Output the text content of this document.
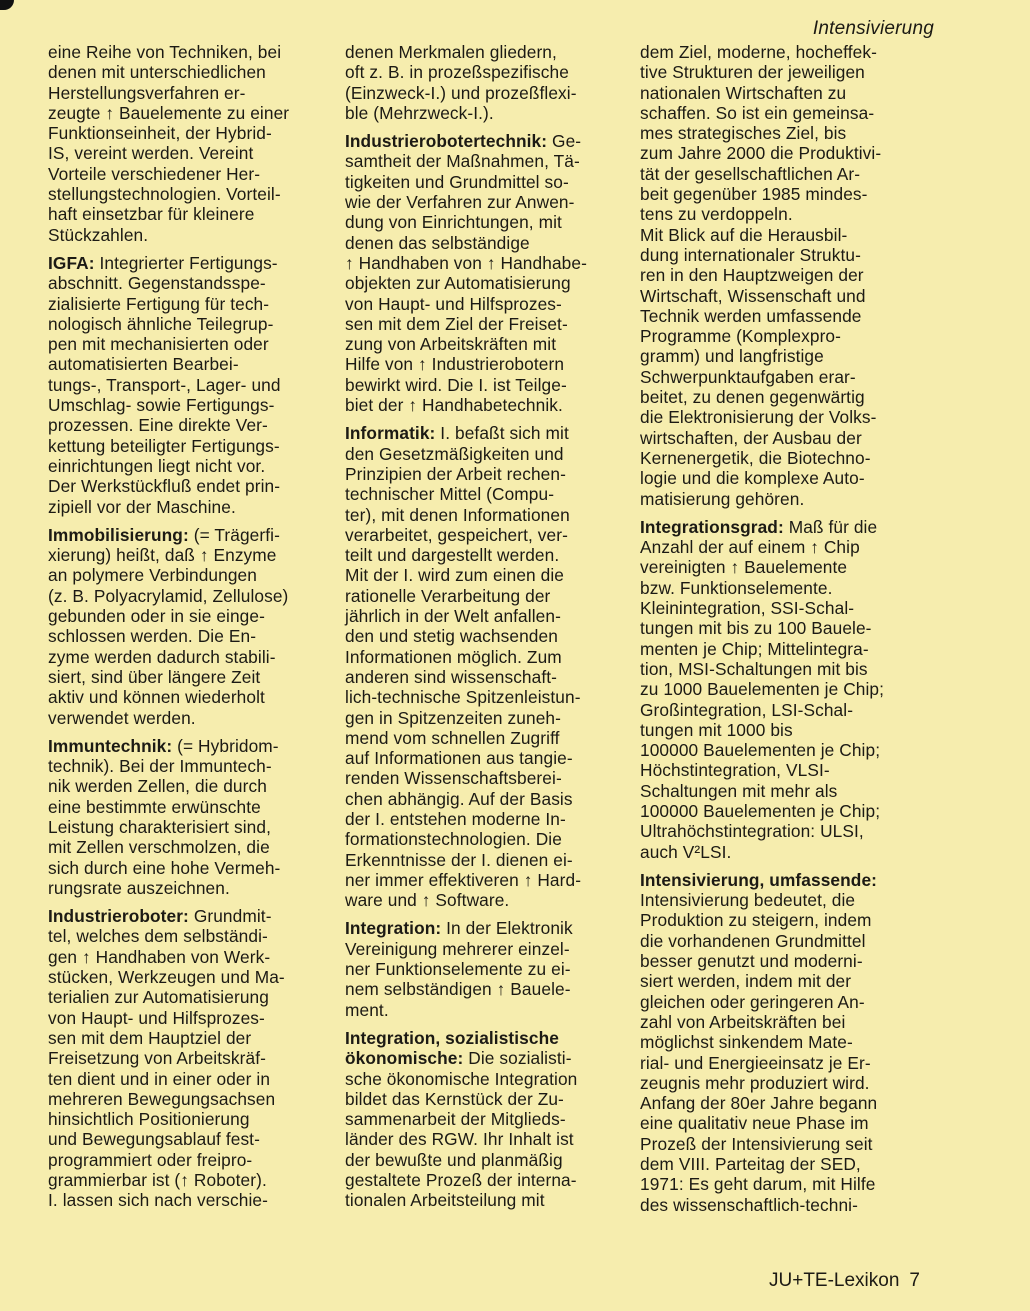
Intensivierung

eine Reihe von Techniken, bei
denen mit unterschiedlichen
Herstellungsverfahren er-
zeugte ↑ Bauelemente zu einer
Funktionseinheit, der Hybrid-
IS, vereint werden. Vereint
Vorteile verschiedener Her-
stellungstechnologien. Vorteil-
haft einsetzbar für kleinere
Stückzahlen.

IGFA: Integrierter Fertigungs-
abschnitt. Gegenstandsspe-
zialisierte Fertigung für tech-
nologisch ähnliche Teilegrup-
pen mit mechanisierten oder
automatisierten Bearbei-
tungs-, Transport-, Lager- und
Umschlag- sowie Fertigungs-
prozessen. Eine direkte Ver-
kettung beteiligter Fertigungs-
einrichtungen liegt nicht vor.
Der Werkstückfluß endet prin-
zipiell vor der Maschine.

Immobilisierung: (= Trägerfi-
xierung) heißt, daß ↑ Enzyme
an polymere Verbindungen
(z. B. Polyacrylamid, Zellulose)
gebunden oder in sie einge-
schlossen werden. Die En-
zyme werden dadurch stabili-
siert, sind über längere Zeit
aktiv und können wiederholt
verwendet werden.

Immuntechnik: (= Hybridom-
technik). Bei der Immuntech-
nik werden Zellen, die durch
eine bestimmte erwünschte
Leistung charakterisiert sind,
mit Zellen verschmolzen, die
sich durch eine hohe Vermeh-
rungsrate auszeichnen.

Industrieroboter: Grundmit-
tel, welches dem selbständi-
gen ↑ Handhaben von Werk-
stücken, Werkzeugen und Ma-
terialien zur Automatisierung
von Haupt- und Hilfsprozes-
sen mit dem Hauptziel der
Freisetzung von Arbeitskräf-
ten dient und in einer oder in
mehreren Bewegungsachsen
hinsichtlich Positionierung
und Bewegungsablauf fest-
programmiert oder freipro-
grammierbar ist (↑ Roboter).
I. lassen sich nach verschie-

denen Merkmalen gliedern,
oft z. B. in prozeßspezifische
(Einzweck-I.) und prozeßflexi-
ble (Mehrzweck-I.).

Industrierobotertechnik: Ge-
samtheit der Maßnahmen, Tä-
tigkeiten und Grundmittel so-
wie der Verfahren zur Anwen-
dung von Einrichtungen, mit
denen das selbständige
↑ Handhaben von ↑ Handhabe-
objekten zur Automatisierung
von Haupt- und Hilfsprozes-
sen mit dem Ziel der Freiset-
zung von Arbeitskräften mit
Hilfe von ↑ Industrierobotern
bewirkt wird. Die I. ist Teilge-
biet der ↑ Handhabetechnik.

Informatik: I. befaßt sich mit
den Gesetzmäßigkeiten und
Prinzipien der Arbeit rechen-
technischer Mittel (Compu-
ter), mit denen Informationen
verarbeitet, gespeichert, ver-
teilt und dargestellt werden.
Mit der I. wird zum einen die
rationelle Verarbeitung der
jährlich in der Welt anfallen-
den und stetig wachsenden
Informationen möglich. Zum
anderen sind wissenschaft-
lich-technische Spitzenleistun-
gen in Spitzenzeiten zuneh-
mend vom schnellen Zugriff
auf Informationen aus tangie-
renden Wissenschaftsberei-
chen abhängig. Auf der Basis
der I. entstehen moderne In-
formationstechnologien. Die
Erkenntnisse der I. dienen ei-
ner immer effektiveren ↑ Hard-
ware und ↑ Software.

Integration: In der Elektronik
Vereinigung mehrerer einzel-
ner Funktionselemente zu ei-
nem selbständigen ↑ Bauele-
ment.

Integration, sozialistische
ökonomische: Die sozialisti-
sche ökonomische Integration
bildet das Kernstück der Zu-
sammenarbeit der Mitglieds-
länder des RGW. Ihr Inhalt ist
der bewußte und planmäßig
gestaltete Prozeß der interna-
tionalen Arbeitsteilung mit

dem Ziel, moderne, hocheffek-
tive Strukturen der jeweiligen
nationalen Wirtschaften zu
schaffen. So ist ein gemeinsa-
mes strategisches Ziel, bis
zum Jahre 2000 die Produktivi-
tät der gesellschaftlichen Ar-
beit gegenüber 1985 mindes-
tens zu verdoppeln.
Mit Blick auf die Herausbil-
dung internationaler Struktu-
ren in den Hauptzweigen der
Wirtschaft, Wissenschaft und
Technik werden umfassende
Programme (Komplexpro-
gramm) und langfristige
Schwerpunktaufgaben erar-
beitet, zu denen gegenwärtig
die Elektronisierung der Volks-
wirtschaften, der Ausbau der
Kernenergetik, die Biotechno-
logie und die komplexe Auto-
matisierung gehören.

Integrationsgrad: Maß für die
Anzahl der auf einem ↑ Chip
vereinigten ↑ Bauelemente
bzw. Funktionselemente.
Kleinintegration, SSI-Schal-
tungen mit bis zu 100 Bauele-
menten je Chip; Mittelintegra-
tion, MSI-Schaltungen mit bis
zu 1000 Bauelementen je Chip;
Großintegration, LSI-Schal-
tungen mit 1000 bis
100000 Bauelementen je Chip;
Höchstintegration, VLSI-
Schaltungen mit mehr als
100000 Bauelementen je Chip;
Ultrahöchstintegration: ULSI,
auch V²LSI.

Intensivierung, umfassende:
Intensivierung bedeutet, die
Produktion zu steigern, indem
die vorhandenen Grundmittel
besser genutzt und moderni-
siert werden, indem mit der
gleichen oder geringeren An-
zahl von Arbeitskräften bei
möglichst sinkendem Mate-
rial- und Energieeinsatz je Er-
zeugnis mehr produziert wird.
Anfang der 80er Jahre begann
eine qualitativ neue Phase im
Prozeß der Intensivierung seit
dem VIII. Parteitag der SED,
1971: Es geht darum, mit Hilfe
des wissenschaftlich-techni-

JU+TE-Lexikon 7
